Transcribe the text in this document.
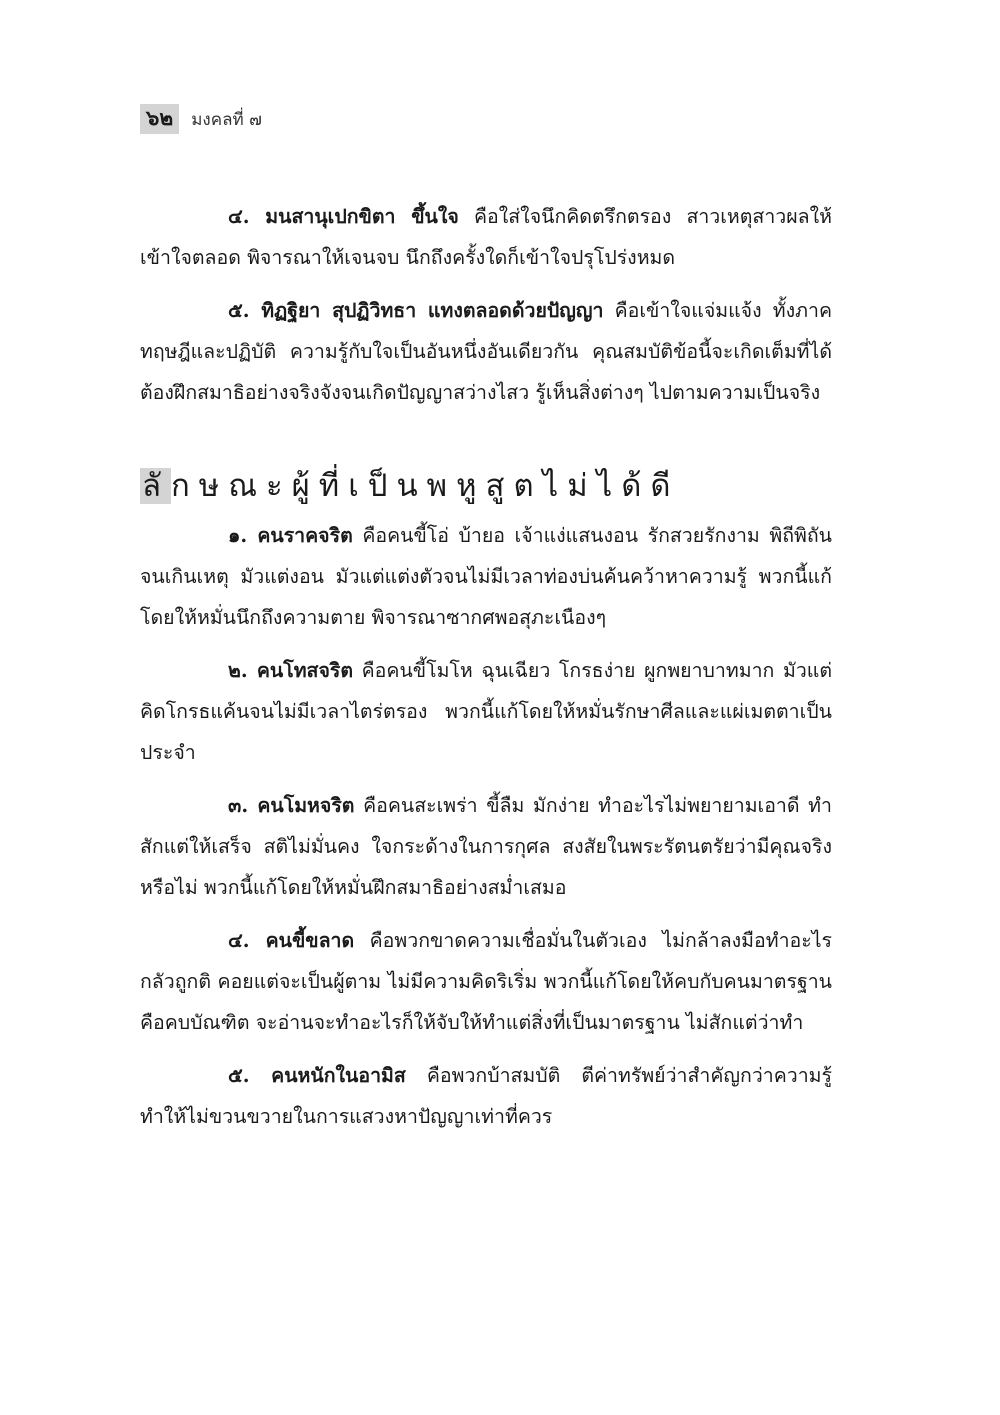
๖๒	มงคลที่ ๗

๔. มนสานุเปกขิตา ขึ้นใจ คือใส่ใจนึกคิดตรึกตรอง สาวเหตุสาวผลให้เข้าใจตลอด พิจารณาให้เจนจบ นึกถึงครั้งใดก็เข้าใจปรุโปร่งหมด

๕. ทิฏฐิยา สุปฏิวิทธา แทงตลอดด้วยปัญญา คือเข้าใจแจ่มแจ้ง ทั้งภาคทฤษฎีและปฏิบัติ ความรู้กับใจเป็นอันหนึ่งอันเดียวกัน คุณสมบัติข้อนี้จะเกิดเต็มที่ได้ ต้องฝึกสมาธิอย่างจริงจังจนเกิดปัญญาสว่างไสว รู้เห็นสิ่งต่างๆ ไปตามความเป็นจริง

ลักษณะผู้ที่เป็นพหูสูตไม่ได้ดี

๑. คนราคจริต คือคนขี้โอ่ บ้ายอ เจ้าแง่แสนงอน รักสวยรักงาม พิถีพิถันจนเกินเหตุ มัวแต่งอน มัวแต่แต่งตัวจนไม่มีเวลาท่องบ่นค้นคว้าหาความรู้ พวกนี้แก้โดยให้หมั่นนึกถึงความตาย พิจารณาซากศพอสุภะเนืองๆ

๒. คนโทสจริต คือคนขี้โมโห ฉุนเฉียว โกรธง่าย ผูกพยาบาทมาก มัวแต่คิดโกรธแค้นจนไม่มีเวลาไตร่ตรอง พวกนี้แก้โดยให้หมั่นรักษาศีลและแผ่เมตตาเป็นประจำ

๓. คนโมหจริต คือคนสะเพร่า ขี้ลืม มักง่าย ทำอะไรไม่พยายามเอาดี ทำสักแต่ให้เสร็จ สติไม่มั่นคง ใจกระด้างในการกุศล สงสัยในพระรัตนตรัยว่ามีคุณจริงหรือไม่ พวกนี้แก้โดยให้หมั่นฝึกสมาธิอย่างสม่ำเสมอ

๔. คนขี้ขลาด คือพวกขาดความเชื่อมั่นในตัวเอง ไม่กล้าลงมือทำอะไร กลัวถูกติ คอยแต่จะเป็นผู้ตาม ไม่มีความคิดริเริ่ม พวกนี้แก้โดยให้คบกับคนมาตรฐาน คือคบบัณฑิต จะอ่านจะทำอะไรก็ให้จับให้ทำแต่สิ่งที่เป็นมาตรฐาน ไม่สักแต่ว่าทำ

๕. คนหนักในอามิส คือพวกบ้าสมบัติ ตีค่าทรัพย์ว่าสำคัญกว่าความรู้ ทำให้ไม่ขวนขวายในการแสวงหาปัญญาเท่าที่ควร
